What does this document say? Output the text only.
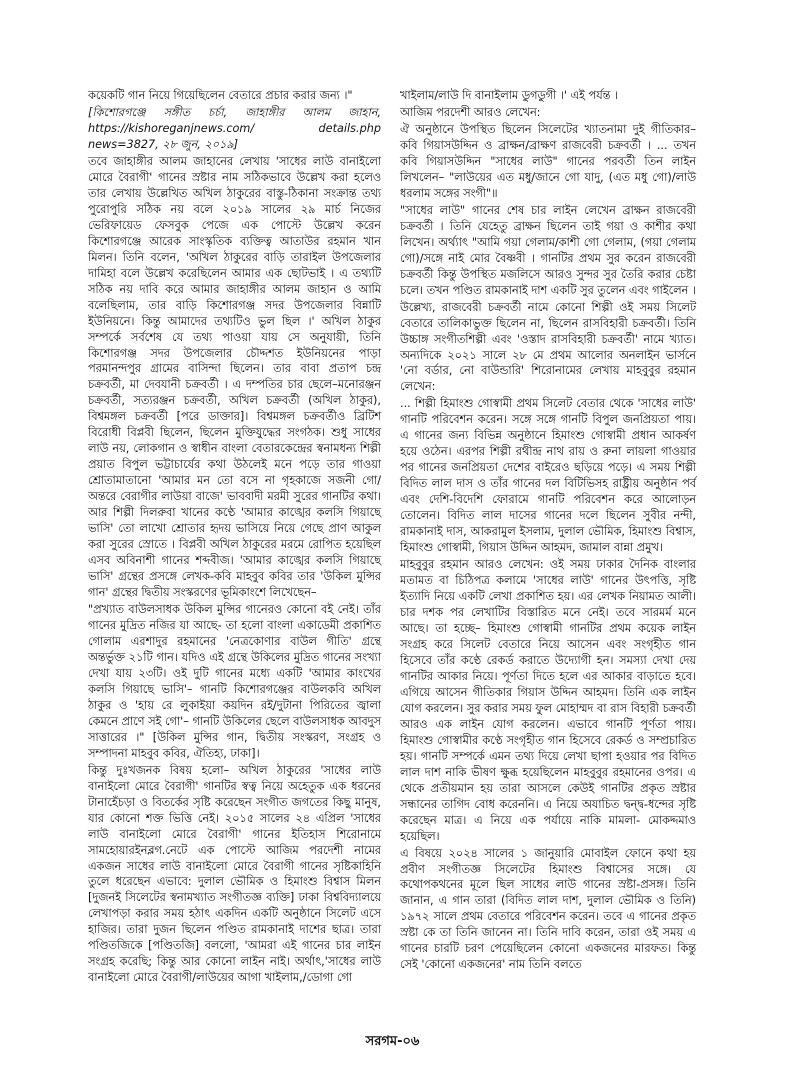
কয়েকটি গান নিয়ে গিয়েছিলেন বেতারে প্রচার করার জন্য ।"

[কিশোরগঞ্জে সঙ্গীত চর্চা, জাহাঙ্গীর আলম জাহান, https://kishoreganjnews.com/ details.php news=3827, ২৮ জুন, ২০১৯]

তবে জাহাঙ্গীর আলম জাহানের লেখায় 'সাধের লাউ বানাইলো মোরে বৈরাগী' গানের স্রষ্টার নাম সঠিকভাবে উল্লেখ করা হলেও তার লেখায় উল্লেখিত অখিল ঠাকুরের বাস্তু-ঠিকানা সংক্রান্ত তথ্য পুরোপুরি সঠিক নয় বলে ২০১৯ সালের ২৯ মার্চ নিজের ভেরিফায়েড ফেসবুক পেজে এক পোস্টে উল্লেখ করেন কিশোরগঞ্জে আরেক সাংস্কৃতিক ব্যক্তিত্ব আতাউর রহমান খান মিলন। তিনি বলেন, 'অখিল ঠাকুরের বাড়ি তারাইল উপজেলার দামিহা বলে উল্লেখ করেছিলেন আমার এক ছোটভাই । এ তথ্যটি সঠিক নয় দাবি করে আমার জাহাঙ্গীর আলম জাহান ও আমি বলেছিলাম, তার বাড়ি কিশোরগঞ্জ সদর উপজেলার বিন্নাটি ইউনিয়নে। কিন্তু আমাদের তথ্যটিও ভুল ছিল ।' অখিল ঠাকুর সম্পর্কে সর্বশেষ যে তথ্য পাওয়া যায় সে অনুযায়ী, তিনি কিশোরগঞ্জ সদর উপজেলার চৌদ্দশত ইউনিয়নের পাড়া পরমানন্দপুর গ্রামের বাসিন্দা ছিলেন। তার বাবা প্রতাপ চন্দ্র চক্রবর্তী, মা দেবযানী চক্রবর্তী । এ দম্পতির চার ছেলে–মনোরঞ্জন চক্রবর্তী, সত্যরঞ্জন চক্রবর্তী, অখিল চক্রবর্তী (অখিল ঠাকুর), বিশ্বমঙ্গল চক্রবর্তী [পরে ডাক্তার]। বিশ্বমঙ্গল চক্রবর্তীও ব্রিটিশ বিরোধী বিপ্লবী ছিলেন, ছিলেন মুক্তিযুদ্ধের সংগঠক। শুধু সাধের লাউ নয়, লোকগান ও স্বাধীন বাংলা বেতারকেন্দ্রের স্বনামধন্য শিল্পী প্রয়াত বিপুল ভট্টাচার্যের কথা উঠলেই মনে পড়ে তার গাওয়া শ্রোতামাতানো 'আমার মন তো বসে না গৃহকাজে সজনী গো/অন্তরে বেরাগীর লাউয়া বাজে' ভাববাদী মরমী সুরের গানটির কথা। আর শিল্পী দিলরুবা খানের কণ্ঠে 'আমার কাঙ্খের কলসি গিয়াছে ভাসি' তো লাখো শ্রোতার হৃদয় ভাসিয়ে নিয়ে গেছে প্রাণ আকুল করা সুরের স্রোতে । বিপ্লবী অখিল ঠাকুরের মরমে রোপিত হয়েছিল এসব অবিনাশী গানের শব্দবীজ। 'আমার কাঙ্খের কলসি গিয়াছে ভাসি' গ্রন্থের প্রসঙ্গে লেখক-কবি মাহবুব কবির তার 'উকিল মুন্সির গান' গ্রন্থের দ্বিতীয় সংস্করণের ভূমিকাংশে লিখেছেন–

"প্রখ্যাত বাউলসাধক উকিল মুন্সির গানেরও কোনো বই নেই। তাঁর গানের মুদ্রিত নজির যা আছে- তা হলো বাংলা একাডেমী প্রকাশিত গোলাম এরশাদুর রহমানের 'নেত্রকোণার বাউল গীতি' গ্রন্থে অন্তর্ভুক্ত ২১টি গান। যদিও এই গ্রন্থে উকিলের মুদ্রিত গানের সংখ্যা দেখা যায় ২৩টি। ওই দুটি গানের মধ্যে একটি 'আমার কাংখের কলসি গিয়াছে ভাসি'– গানটি কিশোরগঞ্জের বাউলকবি অখিল ঠাকুর ও 'হায় রে লুকাইয়া কয়দিন রই/দুটানা পিরিতের জ্বালা কেমনে প্রাণে সই গো'– গানটি উকিলের ছেলে বাউলসাধক আবদুস সাত্তারের ।" [উকিল মুন্সির গান, দ্বিতীয় সংস্করণ, সংগ্রহ ও সম্পাদনা মাহবুব কবির, ঐতিহ্য, ঢাকা]।

কিন্তু দুঃখজনক বিষয় হলো– অখিল ঠাকুরের 'সাধের লাউ বানাইলো মোরে বৈরাগী' গানটির স্বত্ব নিয়ে অহেতুক এক ধরনের টানাহেঁচড়া ও বিতর্কের সৃষ্টি করেছেন সংগীত জগতের কিছু মানুষ, যার কোনো শক্ত ভিত্তি নেই। ২০১৫ সালের ২৪ এপ্রিল 'সাধের লাউ বানাইলো মোরে বৈরাগী' গানের ইতিহাস শিরোনামে সামহোয়ারইনব্লগ.নেটে এক পোস্টে আজিম পরদেশী নামের একজন সাধের লাউ বানাইলো মোরে বৈরাগী গানের সৃষ্টিকাহিনি তুলে ধরেছেন এভাবে: দুলাল ভৌমিক ও হিমাংশু বিশ্বাস মিলন [দুজনই সিলেটের স্বনামখ্যাত সংগীতজ্ঞ ব্যক্তি] ঢাকা বিশ্ববিদ্যালয়ে লেখাপড়া করার সময় হঠাৎ একদিন একটি অনুষ্ঠানে সিলেট এসে হাজির। তারা দুজন ছিলেন পণ্ডিত রামকানাই দাশের ছাত্র। তারা পণ্ডিতজিকে [পণ্ডিতজি] বললো, 'আমরা এই গানের চার লাইন সংগ্রহ করেছি; কিন্তু আর কোনো লাইন নাই। অর্থাৎ,'সাধের লাউ বানাইলো মোরে বৈরাগী/লাউয়ের আগা খাইলাম,/ডোগা গো

খাইলাম/লাউ দি বানাইলাম ডুগডুগী ।' এই পর্যন্ত ।

আজিম পরদেশী আরও লেখেন:

ঐ অনুষ্ঠানে উপস্থিত ছিলেন সিলেটের খ্যাতনামা দুই গীতিকার– কবি গিয়াসউদ্দিন ও ব্রাক্ষন/ব্রাক্ষণ রাজবেরী চক্রবর্তী । ... তখন কবি গিয়াসউদ্দিন "সাধের লাউ" গানের পরবর্তী তিন লাইন লিখলেন– "লাউয়ের এত মধু/জানে গো যাদু, (এত মধু গো)/লাউ ধরলাম সঙ্গের সংগী"॥

"সাধের লাউ" গানের শেষ চার লাইন লেখেন ব্রাক্ষন রাজবেরী চক্রবর্তী । তিনি যেহেতু ব্রাক্ষন ছিলেন তাই গয়া ও কাশীর কথা লিখেন। অর্থ্যাৎ "আমি গয়া গেলাম/কাশী গো গেলাম, (গয়া গেলাম গো)/সঙ্গে নাই মোর বৈষ্ণবী । গানটির প্রথম সুর করেন রাজবেরী চক্রবর্তী কিন্তু উপস্থিত মজলিসে আরও সুন্দর সুর তৈরি করার চেষ্টা চলে। তখন পণ্ডিত রামকানাই দাশ একটি সুর তুলেন এবং গাইলেন ।

উল্লেখ্য, রাজবেরী চক্রবর্তী নামে কোনো শিল্পী ওই সময় সিলেট বেতারে তালিকাভুক্ত ছিলেন না, ছিলেন রাসবিহারী চক্রবর্তী। তিনি উচ্চাঙ্গ সংগীতশিল্পী এবং 'ওস্তাদ রাসবিহারী চক্রবর্তী' নামে খ্যাত। অন্যদিকে ২০২১ সালে ২৮ মে প্রথম আলোর অনলাইন ভার্সনে 'নো বর্ডার, নো বাউন্ডারি' শিরোনামের লেখায় মাহবুবুর রহমান লেখেন:

... শিল্পী হিমাংশু গোস্বামী প্রথম সিলেট বেতার থেকে 'সাধের লাউ' গানটি পরিবেশন করেন। সঙ্গে সঙ্গে গানটি বিপুল জনপ্রিয়তা পায়। এ গানের জন্য বিভিন্ন অনুষ্ঠানে হিমাংশু গোস্বামী প্রধান আকর্ষণ হয়ে ওঠেন। এরপর শিল্পী রথীন্দ্র নাথ রায় ও রুনা লায়লা গাওয়ার পর গানের জনপ্রিয়তা দেশের বাইরেও ছড়িয়ে পড়ে। এ সময় শিল্পী বিদিত লাল দাস ও তাঁর গানের দল বিটিভিসহ রাষ্ট্রীয় অনুষ্ঠান পর্ব এবং দেশি-বিদেশি ফোরামে গানটি পরিবেশন করে আলোড়ন তোলেন। বিদিত লাল দাসের গানের দলে ছিলেন সুবীর নন্দী, রামকানাই দাস, আকরামুল ইসলাম, দুলাল ভৌমিক, হিমাংশু বিশ্বাস, হিমাংশু গোস্বামী, গিয়াস উদ্দিন আহমদ, জামাল বান্না প্রমুখ।

মাহবুবুর রহমান আরও লেখেন: ওই সময় ঢাকার দৈনিক বাংলার মতামত বা চিঠিপত্র কলামে 'সাধের লাউ' গানের উৎপত্তি, সৃষ্টি ইত্যাদি নিয়ে একটি লেখা প্রকাশিত হয়। এর লেখক নিয়ামত আলী। চার দশক পর লেখাটির বিস্তারিত মনে নেই। তবে সারমর্ম মনে আছে। তা হচ্ছে– হিমাংশু গোস্বামী গানটির প্রথম কয়েক লাইন সংগ্রহ করে সিলেট বেতারে নিয়ে আসেন এবং সংগৃহীত গান হিসেবে তাঁর কণ্ঠে রেকর্ড করাতে উদ্যোগী হন। সমস্যা দেখা দেয় গানটির আকার নিয়ে। পূর্ণতা দিতে হলে এর আকার বাড়াতে হবে। এগিয়ে আসেন গীতিকার গিয়াস উদ্দিন আহমদ। তিনি এক লাইন যোগ করলেন। সুর করার সময় ফুল মোহাম্মদ বা রাস বিহারী চক্রবর্তী আরও এক লাইন যোগ করলেন। এভাবে গানটি পূর্ণতা পায়। হিমাংশু গোস্বামীর কণ্ঠে সংগৃহীত গান হিসেবে রেকর্ড ও সম্প্রচারিত হয়। গানটি সম্পর্কে এমন তথ্য দিয়ে লেখা ছাপা হওয়ার পর বিদিত লাল দাশ নাকি ভীষণ ক্ষুব্ধ হয়েছিলেন মাহবুবুর রহমানের ওপর। এ থেকে প্রতীয়মান হয় তারা আসলে কেউই গানটির প্রকৃত স্রষ্টার সন্ধানের তাগিদ বোধ করেননি। এ নিয়ে অযাচিত দ্বন্দ্ব-ধন্দের সৃষ্টি করেছেন মাত্র। এ নিয়ে এক পর্যায়ে নাকি মামলা- মোকদ্দমাও হয়েছিল।

এ বিষয়ে ২০২৪ সালের ১ জানুয়ারি মোবাইল ফোনে কথা হয় প্রবীণ সংগীতজ্ঞ সিলেটের হিমাংশু বিশ্বাসের সঙ্গে। যে কথোপকথনের মূলে ছিল সাধের লাউ গানের স্রষ্টা-প্রসঙ্গ। তিনি জানান, এ গান তারা (বিদিত লাল দাশ, দুলাল ভৌমিক ও তিনি) ১৯৭২ সালে প্রথম বেতারে পরিবেশন করেন। তবে এ গানের প্রকৃত স্রষ্টা কে তা তিনি জানেন না। তিনি দাবি করেন, তারা ওই সময় এ গানের চারটি চরণ পেয়েছিলেন কোনো একজনের মারফত। কিন্তু সেই 'কোনো একজনের' নাম তিনি বলতে

সরগম-০৬
